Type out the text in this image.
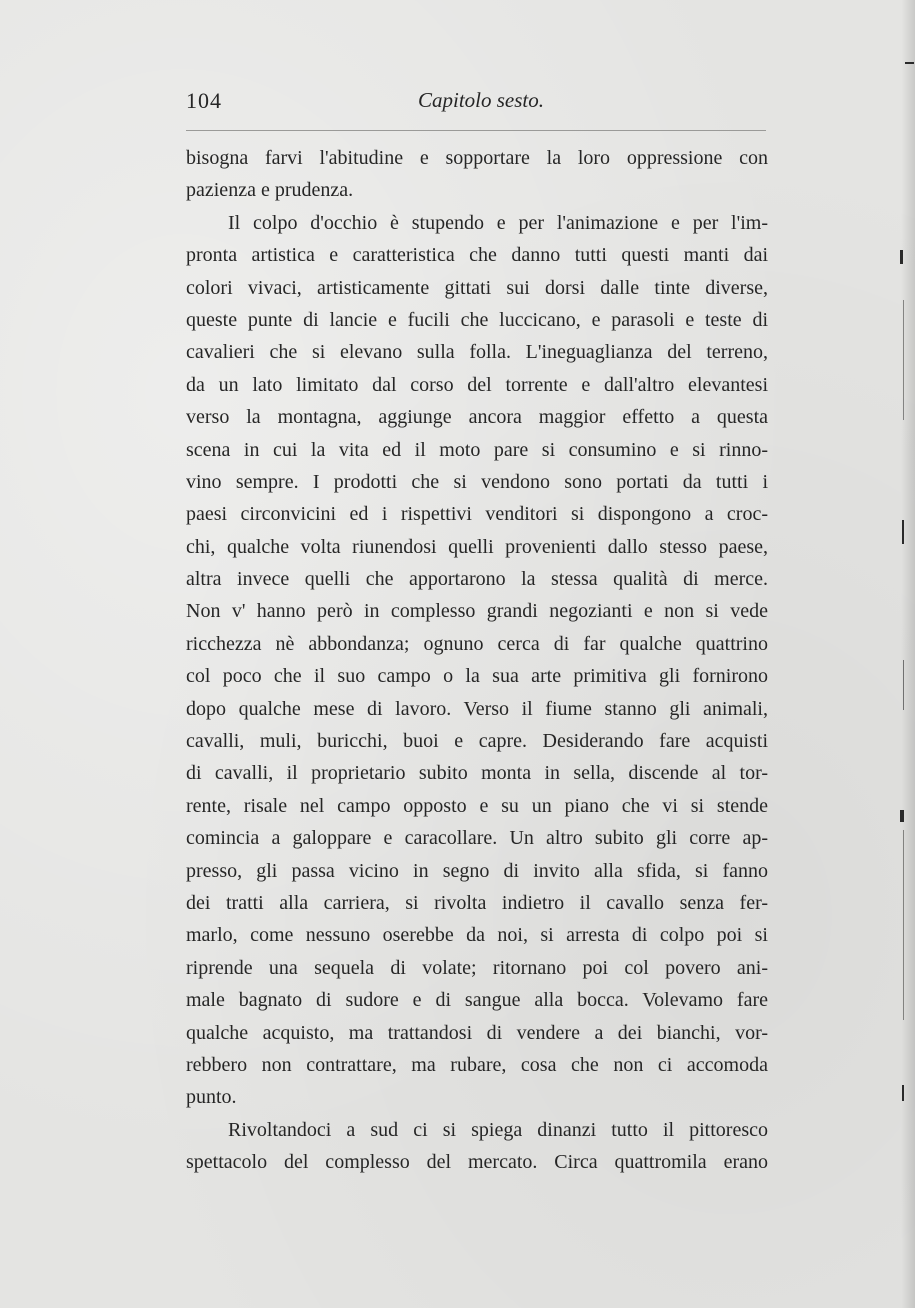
104	Capitolo sesto.
bisogna farvi l'abitudine e sopportare la loro oppressione con
pazienza e prudenza.
Il colpo d'occhio è stupendo e per l'animazione e per l'im-
pronta artistica e caratteristica che danno tutti questi manti dai
colori vivaci, artisticamente gittati sui dorsi dalle tinte diverse,
queste punte di lancie e fucili che luccicano, e parasoli e teste di
cavalieri che si elevano sulla folla. L'ineguaglianza del terreno,
da un lato limitato dal corso del torrente e dall'altro elevantesi
verso la montagna, aggiunge ancora maggior effetto a questa
scena in cui la vita ed il moto pare si consumino e si rinno-
vino sempre. I prodotti che si vendono sono portati da tutti i
paesi circonvicini ed i rispettivi venditori si dispongono a croc-
chi, qualche volta riunendosi quelli provenienti dallo stesso paese,
altra invece quelli che apportarono la stessa qualità di merce.
Non v' hanno però in complesso grandi negozianti e non si vede
ricchezza nè abbondanza; ognuno cerca di far qualche quattrino
col poco che il suo campo o la sua arte primitiva gli fornirono
dopo qualche mese di lavoro. Verso il fiume stanno gli animali,
cavalli, muli, buricchi, buoi e capre. Desiderando fare acquisti
di cavalli, il proprietario subito monta in sella, discende al tor-
rente, risale nel campo opposto e su un piano che vi si stende
comincia a galoppare e caracollare. Un altro subito gli corre ap-
presso, gli passa vicino in segno di invito alla sfida, si fanno
dei tratti alla carriera, si rivolta indietro il cavallo senza fer-
marlo, come nessuno oserebbe da noi, si arresta di colpo poi si
riprende una sequela di volate; ritornano poi col povero ani-
male bagnato di sudore e di sangue alla bocca. Volevamo fare
qualche acquisto, ma trattandosi di vendere a dei bianchi, vor-
rebbero non contrattare, ma rubare, cosa che non ci accomoda
punto.
Rivoltandoci a sud ci si spiega dinanzi tutto il pittoresco
spettacolo del complesso del mercato. Circa quattromila erano
